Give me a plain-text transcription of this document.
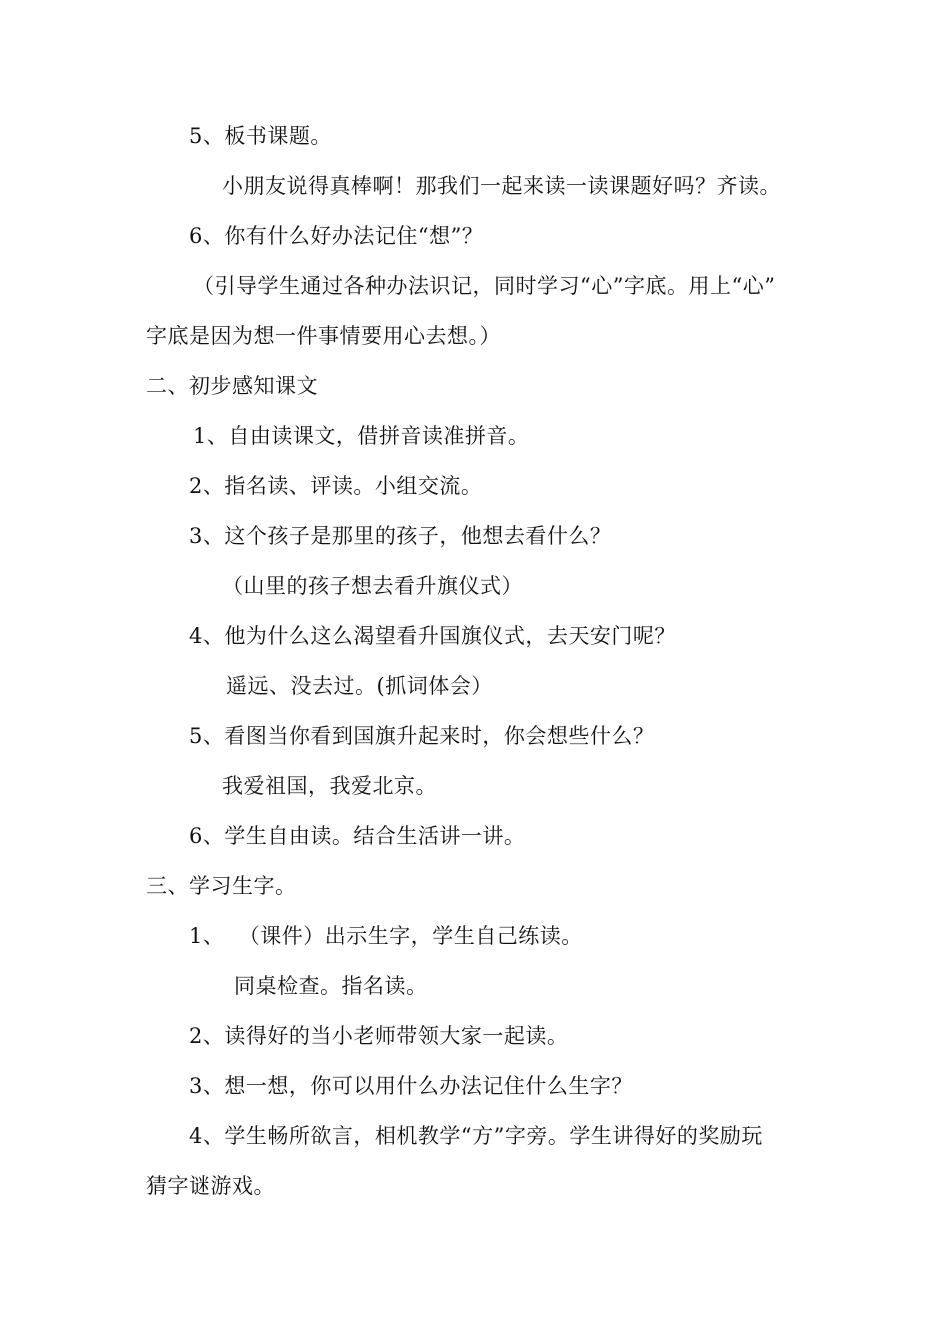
5、板书课题。
小朋友说得真棒啊！那我们一起来读一读课题好吗？齐读。
6、你有什么好办法记住“想”？
（引导学生通过各种办法识记，同时学习“心”字底。用上“心”
字底是因为想一件事情要用心去想。）
二、初步感知课文
1、自由读课文，借拼音读准拼音。
2、指名读、评读。小组交流。
3、这个孩子是那里的孩子，他想去看什么？
（山里的孩子想去看升旗仪式）
4、他为什么这么渴望看升国旗仪式，去天安门呢？
遥远、没去过。(抓词体会）
5、看图当你看到国旗升起来时，你会想些什么？
我爱祖国，我爱北京。
6、学生自由读。结合生活讲一讲。
三、学习生字。
1、  （课件）出示生字，学生自己练读。
同桌检查。指名读。
2、读得好的当小老师带领大家一起读。
3、想一想，你可以用什么办法记住什么生字？
4、学生畅所欲言，相机教学“方”字旁。学生讲得好的奖励玩
猜字谜游戏。
